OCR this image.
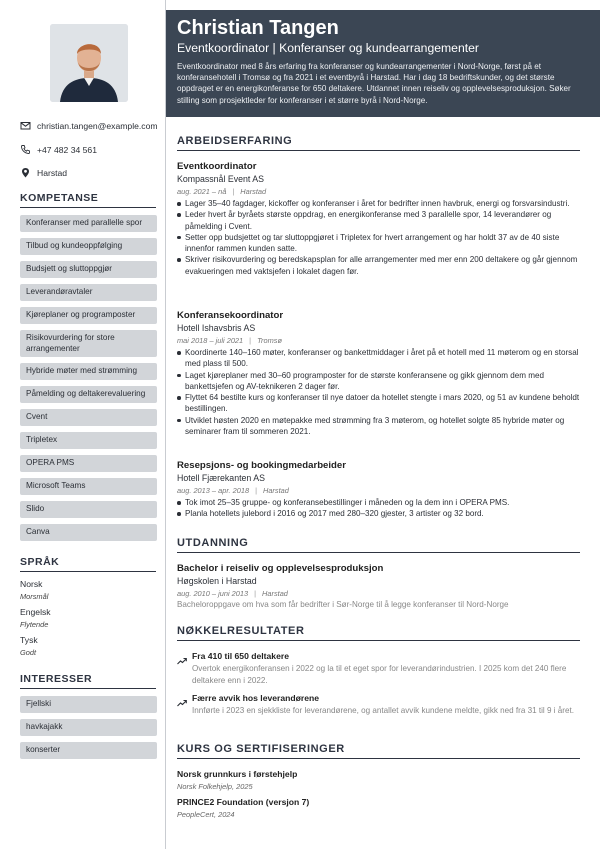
christian.tangen@example.com
+47 482 34 561
Harstad
KOMPETANSE
Konferanser med parallelle spor
Tilbud og kundeoppfølging
Budsjett og sluttoppgjør
Leverandøravtaler
Kjøreplaner og programposter
Risikovurdering for store arrangementer
Hybride møter med strømming
Påmelding og deltakerevaluering
Cvent
Tripletex
OPERA PMS
Microsoft Teams
Slido
Canva
SPRÅK
Norsk
Morsmål
Engelsk
Flytende
Tysk
Godt
INTERESSER
Fjellski
havkajakk
konserter
Christian Tangen
Eventkoordinator | Konferanser og kundearrangementer
Eventkoordinator med 8 års erfaring fra konferanser og kundearrangementer i Nord-Norge, først på et konferansehotell i Tromsø og fra 2021 i et eventbyrå i Harstad. Har i dag 18 bedriftskunder, og det største oppdraget er en energikonferanse for 650 deltakere. Utdannet innen reiseliv og opplevelsesproduksjon. Søker stilling som prosjektleder for konferanser i et større byrå i Nord-Norge.
ARBEIDSERFARING
Eventkoordinator
Kompassnål Event AS
aug. 2021 – nå | Harstad
Lager 35–40 fagdager, kickoffer og konferanser i året for bedrifter innen havbruk, energi og forsvarsindustri.
Leder hvert år byråets største oppdrag, en energikonferanse med 3 parallelle spor, 14 leverandører og påmelding i Cvent.
Setter opp budsjettet og tar sluttoppgjøret i Tripletex for hvert arrangement og har holdt 37 av de 40 siste innenfor rammen kunden satte.
Skriver risikovurdering og beredskapsplan for alle arrangementer med mer enn 200 deltakere og går gjennom evakueringen med vaktsjefen i lokalet dagen før.
Konferansekoordinator
Hotell Ishavsbris AS
mai 2018 – juli 2021 | Tromsø
Koordinerte 140–160 møter, konferanser og bankettmiddager i året på et hotell med 11 møterom og en storsal med plass til 500.
Laget kjøreplaner med 30–60 programposter for de største konferansene og gikk gjennom dem med bankettsjefen og AV-teknikeren 2 dager før.
Flyttet 64 bestilte kurs og konferanser til nye datoer da hotellet stengte i mars 2020, og 51 av kundene beholdt bestillingen.
Utviklet høsten 2020 en møtepakke med strømming fra 3 møterom, og hotellet solgte 85 hybride møter og seminarer fram til sommeren 2021.
Resepsjons- og bookingmedarbeider
Hotell Fjærekanten AS
aug. 2013 – apr. 2018 | Harstad
Tok imot 25–35 gruppe- og konferansebestillinger i måneden og la dem inn i OPERA PMS.
Planla hotellets julebord i 2016 og 2017 med 280–320 gjester, 3 artister og 32 bord.
UTDANNING
Bachelor i reiseliv og opplevelsesproduksjon
Høgskolen i Harstad
aug. 2010 – juni 2013 | Harstad
Bacheloroppgave om hva som får bedrifter i Sør-Norge til å legge konferanser til Nord-Norge
NØKKELRESULTATER
Fra 410 til 650 deltakere
Overtok energikonferansen i 2022 og la til et eget spor for leverandørindustrien. I 2025 kom det 240 flere deltakere enn i 2022.
Færre avvik hos leverandørene
Innførte i 2023 en sjekkliste for leverandørene, og antallet avvik kundene meldte, gikk ned fra 31 til 9 i året.
KURS OG SERTIFISERINGER
Norsk grunnkurs i førstehjelp
Norsk Folkehjelp, 2025
PRINCE2 Foundation (versjon 7)
PeopleCert, 2024
